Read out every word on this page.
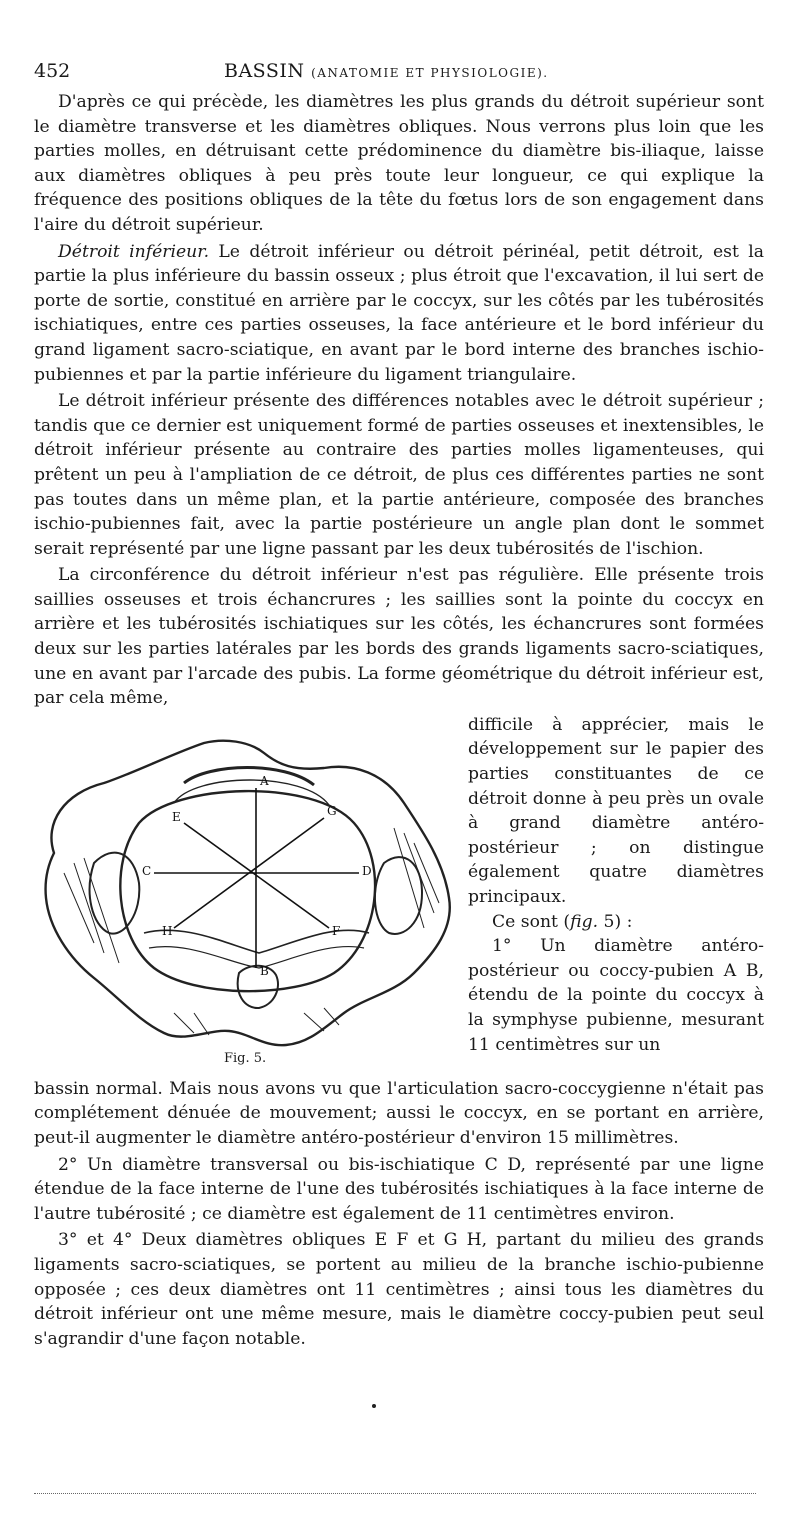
452	BASSIN (ANATOMIE ET PHYSIOLOGIE).

D'après ce qui précède, les diamètres les plus grands du détroit supérieur sont le diamètre transverse et les diamètres obliques. Nous verrons plus loin que les parties molles, en détruisant cette prédominence du diamètre bis-iliaque, laisse aux diamètres obliques à peu près toute leur longueur, ce qui explique la fréquence des positions obliques de la tête du fœtus lors de son engagement dans l'aire du détroit supérieur.

Détroit inférieur. Le détroit inférieur ou détroit périnéal, petit détroit, est la partie la plus inférieure du bassin osseux ; plus étroit que l'excavation, il lui sert de porte de sortie, constitué en arrière par le coccyx, sur les côtés par les tubérosités ischiatiques, entre ces parties osseuses, la face antérieure et le bord inférieur du grand ligament sacro-sciatique, en avant par le bord interne des branches ischio-pubiennes et par la partie inférieure du ligament triangulaire.

Le détroit inférieur présente des différences notables avec le détroit supérieur ; tandis que ce dernier est uniquement formé de parties osseuses et inextensibles, le détroit inférieur présente au contraire des parties molles ligamenteuses, qui prêtent un peu à l'ampliation de ce détroit, de plus ces différentes parties ne sont pas toutes dans un même plan, et la partie antérieure, composée des branches ischio-pubiennes fait, avec la partie postérieure un angle plan dont le sommet serait représenté par une ligne passant par les deux tubérosités de l'ischion.

La circonférence du détroit inférieur n'est pas régulière. Elle présente trois saillies osseuses et trois échancrures ; les saillies sont la pointe du coccyx en arrière et les tubérosités ischiatiques sur les côtés, les échancrures sont formées deux sur les parties latérales par les bords des grands ligaments sacro-sciatiques, une en avant par l'arcade des pubis. La forme géométrique du détroit inférieur est, par cela même,

A
B
C	D
E
F
G
H
Fig. 5.

difficile à apprécier, mais le développement sur le papier des parties constituantes de ce détroit donne à peu près un ovale à grand diamètre antéro-postérieur ; on distingue également quatre diamètres principaux.

Ce sont (fig. 5) :

1° Un diamètre antéro-postérieur ou coccy-pubien A B, étendu de la pointe du coccyx à la symphyse pubienne, mesurant 11 centimètres sur un

bassin normal. Mais nous avons vu que l'articulation sacro-coccygienne n'était pas complétement dénuée de mouvement; aussi le coccyx, en se portant en arrière, peut-il augmenter le diamètre antéro-postérieur d'environ 15 millimètres.

2° Un diamètre transversal ou bis-ischiatique C D, représenté par une ligne étendue de la face interne de l'une des tubérosités ischiatiques à la face interne de l'autre tubérosité ; ce diamètre est également de 11 centimètres environ.

3° et 4° Deux diamètres obliques E F et G H, partant du milieu des grands ligaments sacro-sciatiques, se portent au milieu de la branche ischio-pubienne opposée ; ces deux diamètres ont 11 centimètres ; ainsi tous les diamètres du détroit inférieur ont une même mesure, mais le diamètre coccy-pubien peut seul s'agrandir d'une façon notable.
